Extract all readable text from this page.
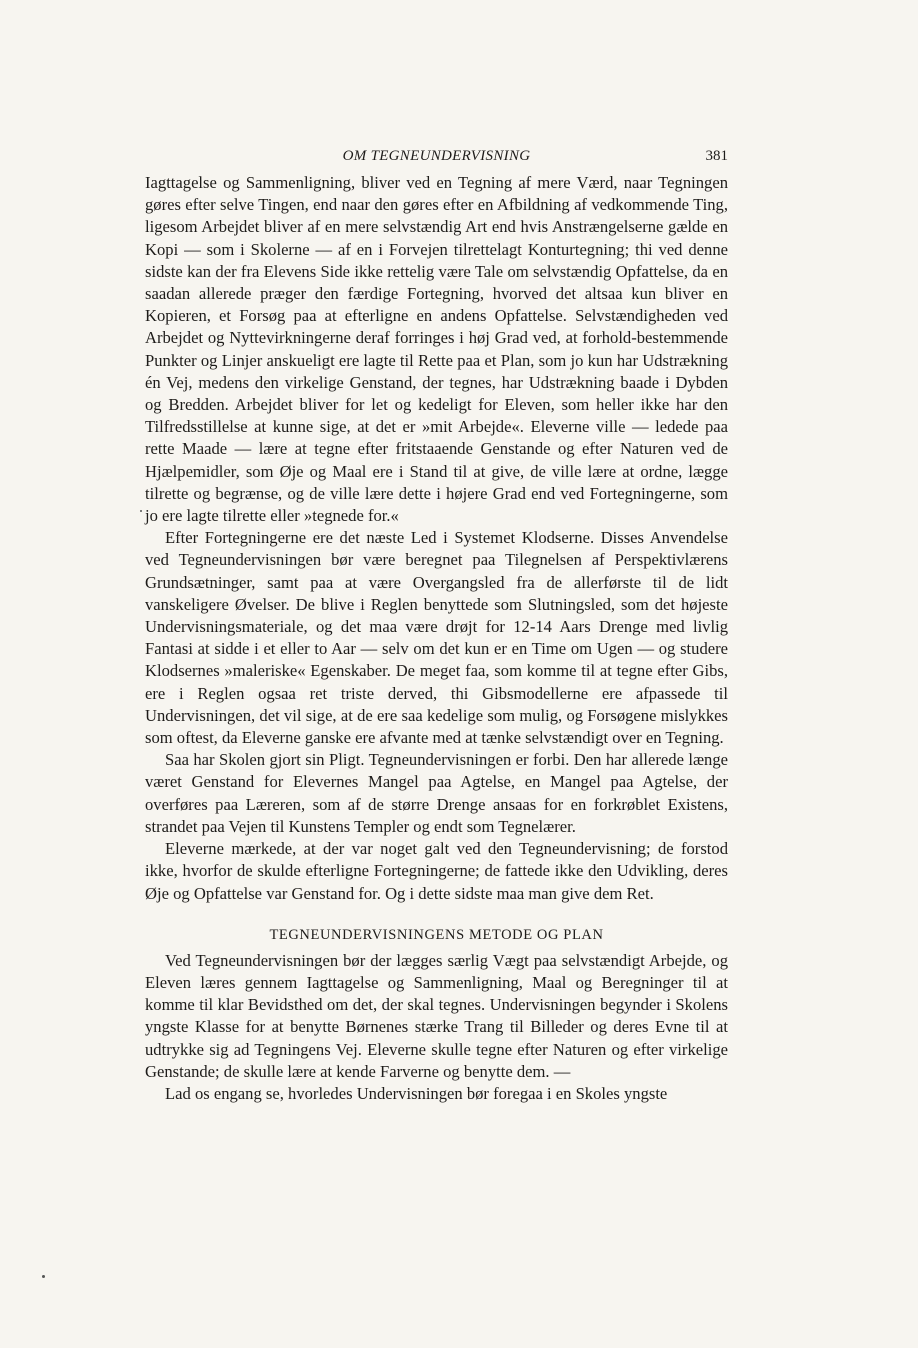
OM TEGNEUNDERVISNING	381

Iagttagelse og Sammenligning, bliver ved en Tegning af mere Værd, naar Tegningen gøres efter selve Tingen, end naar den gøres efter en Afbildning af vedkommende Ting, ligesom Arbejdet bliver af en mere selvstændig Art end hvis Anstrængelserne gælde en Kopi — som i Skolerne — af en i Forvejen tilrettelagt Konturtegning; thi ved denne sidste kan der fra Elevens Side ikke rettelig være Tale om selvstændig Opfattelse, da en saadan allerede præger den færdige Fortegning, hvorved det altsaa kun bliver en Kopieren, et Forsøg paa at efterligne en andens Opfattelse. Selvstændigheden ved Arbejdet og Nyttevirkningerne deraf forringes i høj Grad ved, at forhold-bestemmende Punkter og Linjer anskueligt ere lagte til Rette paa et Plan, som jo kun har Udstrækning én Vej, medens den virkelige Genstand, der tegnes, har Udstrækning baade i Dybden og Bredden. Arbejdet bliver for let og kedeligt for Eleven, som heller ikke har den Tilfredsstillelse at kunne sige, at det er »mit Arbejde«. Eleverne ville — ledede paa rette Maade — lære at tegne efter fritstaaende Genstande og efter Naturen ved de Hjælpemidler, som Øje og Maal ere i Stand til at give, de ville lære at ordne, lægge tilrette og begrænse, og de ville lære dette i højere Grad end ved Fortegningerne, som jo ere lagte tilrette eller »tegnede for.«

Efter Fortegningerne ere det næste Led i Systemet Klodserne. Disses Anvendelse ved Tegneundervisningen bør være beregnet paa Tilegnelsen af Perspektivlærens Grundsætninger, samt paa at være Overgangsled fra de allerførste til de lidt vanskeligere Øvelser. De blive i Reglen benyttede som Slutningsled, som det højeste Undervisningsmateriale, og det maa være drøjt for 12-14 Aars Drenge med livlig Fantasi at sidde i et eller to Aar — selv om det kun er en Time om Ugen — og studere Klodsernes »maleriske« Egenskaber. De meget faa, som komme til at tegne efter Gibs, ere i Reglen ogsaa ret triste derved, thi Gibsmodellerne ere afpassede til Undervisningen, det vil sige, at de ere saa kedelige som mulig, og Forsøgene mislykkes som oftest, da Eleverne ganske ere afvante med at tænke selvstændigt over en Tegning.

Saa har Skolen gjort sin Pligt. Tegneundervisningen er forbi. Den har allerede længe været Genstand for Elevernes Mangel paa Agtelse, en Mangel paa Agtelse, der overføres paa Læreren, som af de større Drenge ansaas for en forkrøblet Existens, strandet paa Vejen til Kunstens Templer og endt som Tegnelærer.

Eleverne mærkede, at der var noget galt ved den Tegneundervisning; de forstod ikke, hvorfor de skulde efterligne Fortegningerne; de fattede ikke den Udvikling, deres Øje og Opfattelse var Genstand for. Og i dette sidste maa man give dem Ret.

TEGNEUNDERVISNINGENS METODE OG PLAN

Ved Tegneundervisningen bør der lægges særlig Vægt paa selvstændigt Arbejde, og Eleven læres gennem Iagttagelse og Sammenligning, Maal og Beregninger til at komme til klar Bevidsthed om det, der skal tegnes. Undervisningen begynder i Skolens yngste Klasse for at benytte Børnenes stærke Trang til Billeder og deres Evne til at udtrykke sig ad Tegningens Vej. Eleverne skulle tegne efter Naturen og efter virkelige Genstande; de skulle lære at kende Farverne og benytte dem. —

Lad os engang se, hvorledes Undervisningen bør foregaa i en Skoles yngste
